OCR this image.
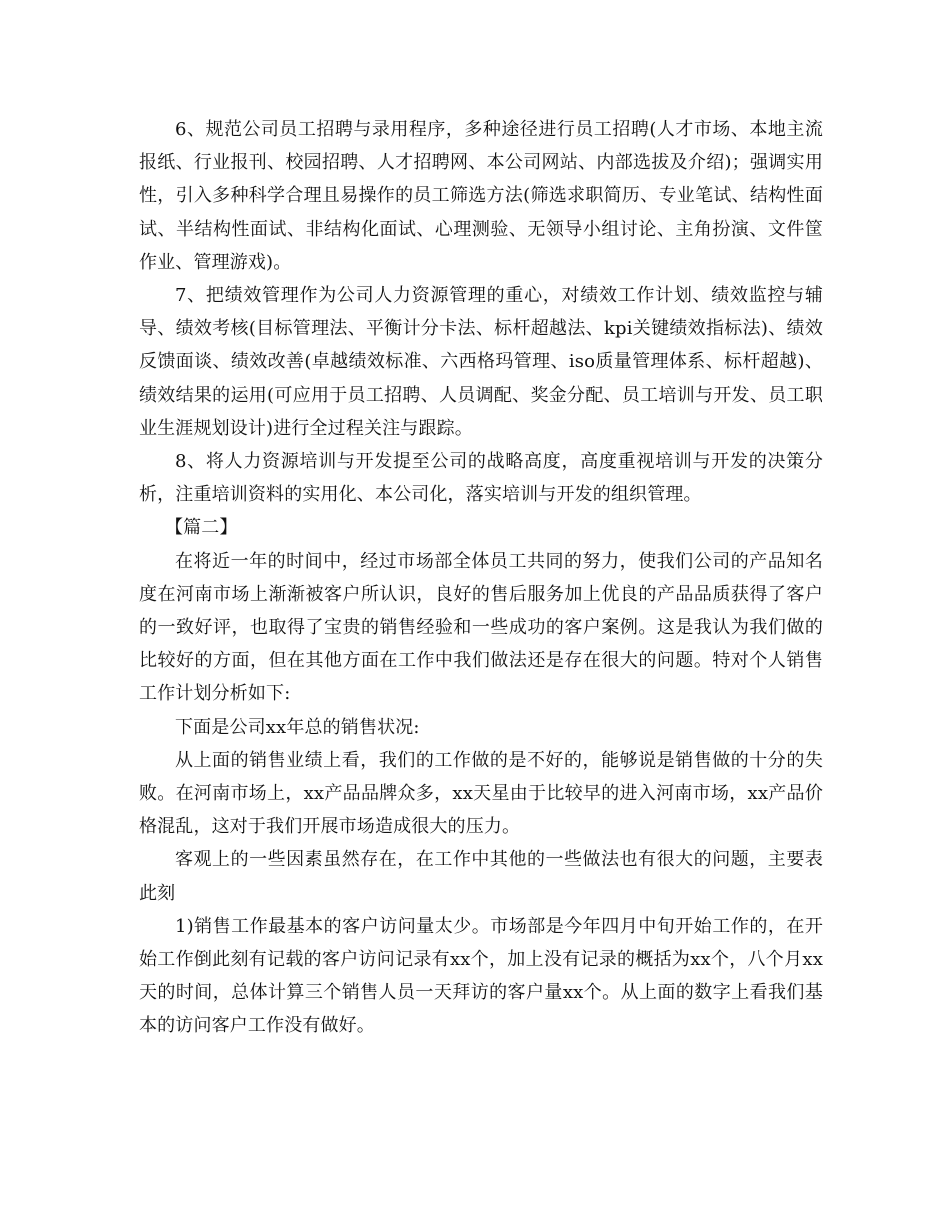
6、规范公司员工招聘与录用程序，多种途径进行员工招聘(人才市场、本地主流报纸、行业报刊、校园招聘、人才招聘网、本公司网站、内部选拔及介绍)；强调实用性，引入多种科学合理且易操作的员工筛选方法(筛选求职简历、专业笔试、结构性面试、半结构性面试、非结构化面试、心理测验、无领导小组讨论、主角扮演、文件筐作业、管理游戏)。

7、把绩效管理作为公司人力资源管理的重心，对绩效工作计划、绩效监控与辅导、绩效考核(目标管理法、平衡计分卡法、标杆超越法、kpi关键绩效指标法)、绩效反馈面谈、绩效改善(卓越绩效标准、六西格玛管理、iso质量管理体系、标杆超越)、绩效结果的运用(可应用于员工招聘、人员调配、奖金分配、员工培训与开发、员工职业生涯规划设计)进行全过程关注与跟踪。

8、将人力资源培训与开发提至公司的战略高度，高度重视培训与开发的决策分析，注重培训资料的实用化、本公司化，落实培训与开发的组织管理。

【篇二】

在将近一年的时间中，经过市场部全体员工共同的努力，使我们公司的产品知名度在河南市场上渐渐被客户所认识，良好的售后服务加上优良的产品品质获得了客户的一致好评，也取得了宝贵的销售经验和一些成功的客户案例。这是我认为我们做的比较好的方面，但在其他方面在工作中我们做法还是存在很大的问题。特对个人销售工作计划分析如下:

下面是公司xx年总的销售状况:

从上面的销售业绩上看，我们的工作做的是不好的，能够说是销售做的十分的失败。在河南市场上，xx产品品牌众多，xx天星由于比较早的进入河南市场，xx产品价格混乱，这对于我们开展市场造成很大的压力。

客观上的一些因素虽然存在，在工作中其他的一些做法也有很大的问题，主要表此刻

1)销售工作最基本的客户访问量太少。市场部是今年四月中旬开始工作的，在开始工作倒此刻有记载的客户访问记录有xx个，加上没有记录的概括为xx个，八个月xx天的时间，总体计算三个销售人员一天拜访的客户量xx个。从上面的数字上看我们基本的访问客户工作没有做好。
